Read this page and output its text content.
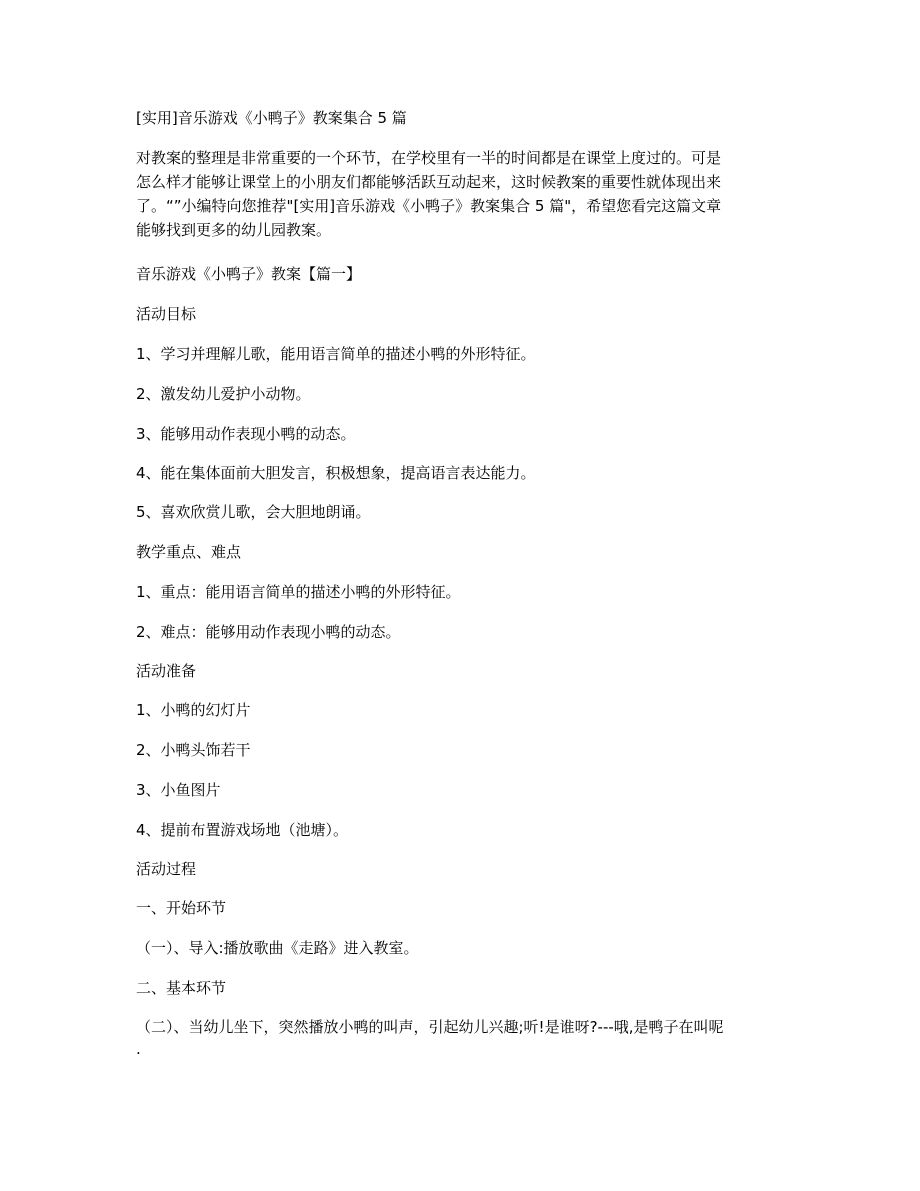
[实用]音乐游戏《小鸭子》教案集合 5 篇
对教案的整理是非常重要的一个环节，在学校里有一半的时间都是在课堂上度过的。可是
怎么样才能够让课堂上的小朋友们都能够活跃互动起来，这时候教案的重要性就体现出来
了。“”小编特向您推荐"[实用]音乐游戏《小鸭子》教案集合 5 篇"，希望您看完这篇文章
能够找到更多的幼儿园教案。
音乐游戏《小鸭子》教案【篇一】
活动目标
1、学习并理解儿歌，能用语言简单的描述小鸭的外形特征。
2、激发幼儿爱护小动物。
3、能够用动作表现小鸭的动态。
4、能在集体面前大胆发言，积极想象，提高语言表达能力。
5、喜欢欣赏儿歌，会大胆地朗诵。
教学重点、难点
1、重点：能用语言简单的描述小鸭的外形特征。
2、难点：能够用动作表现小鸭的动态。
活动准备
1、小鸭的幻灯片
2、小鸭头饰若干
3、小鱼图片
4、提前布置游戏场地（池塘）。
活动过程
一、开始环节
（一）、导入:播放歌曲《走路》进入教室。
二、基本环节
（二）、当幼儿坐下，突然播放小鸭的叫声，引起幼儿兴趣;听!是谁呀?---哦,是鸭子在叫呢
.
